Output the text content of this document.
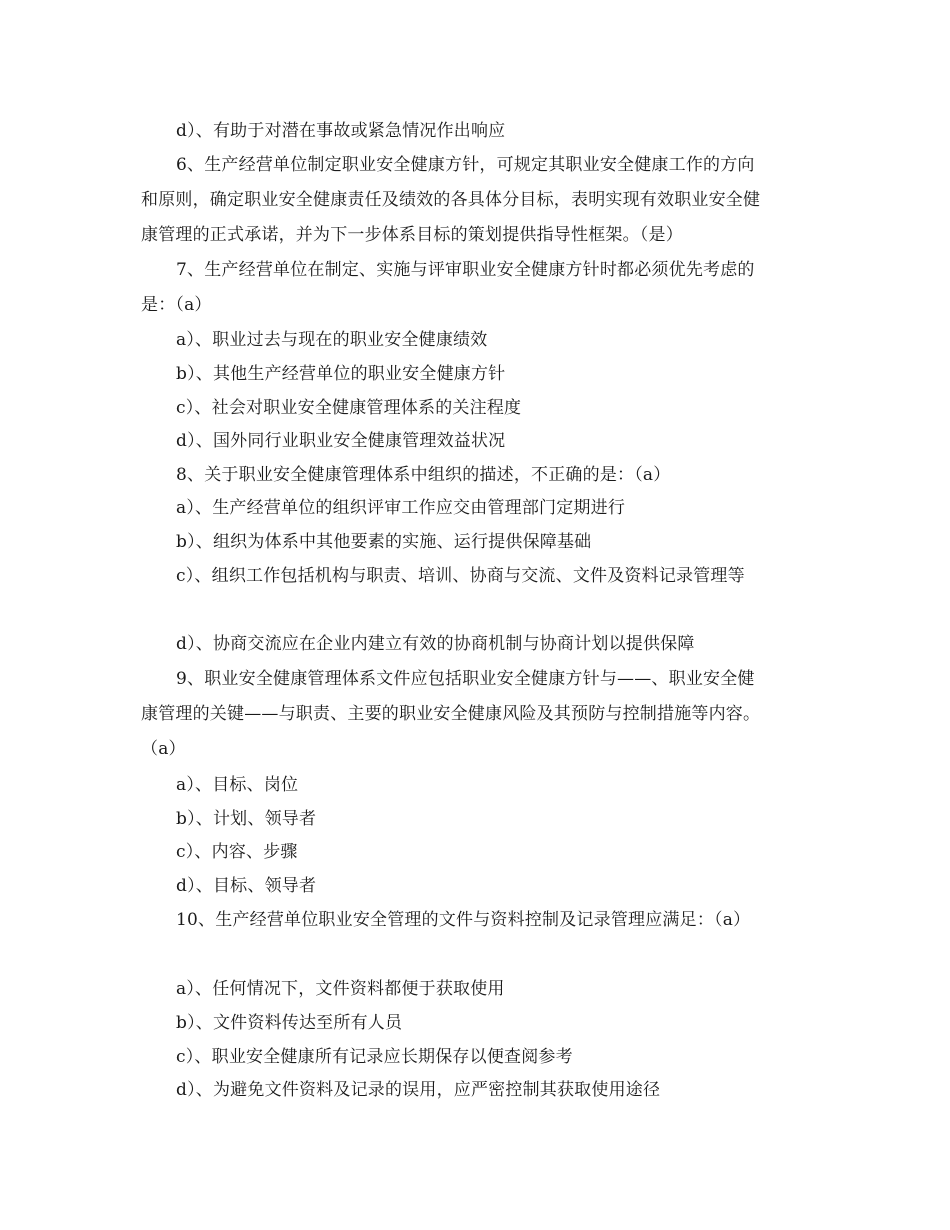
d）、有助于对潜在事故或紧急情况作出响应
6、生产经营单位制定职业安全健康方针，可规定其职业安全健康工作的方向
和原则，确定职业安全健康责任及绩效的各具体分目标，表明实现有效职业安全健
康管理的正式承诺，并为下一步体系目标的策划提供指导性框架。（是）
7、生产经营单位在制定、实施与评审职业安全健康方针时都必须优先考虑的
是：（a）
a）、职业过去与现在的职业安全健康绩效
b）、其他生产经营单位的职业安全健康方针
c）、社会对职业安全健康管理体系的关注程度
d）、国外同行业职业安全健康管理效益状况
8、关于职业安全健康管理体系中组织的描述，不正确的是：（a）
a）、生产经营单位的组织评审工作应交由管理部门定期进行
b）、组织为体系中其他要素的实施、运行提供保障基础
c）、组织工作包括机构与职责、培训、协商与交流、文件及资料记录管理等
d）、协商交流应在企业内建立有效的协商机制与协商计划以提供保障
9、职业安全健康管理体系文件应包括职业安全健康方针与——、职业安全健
康管理的关键——与职责、主要的职业安全健康风险及其预防与控制措施等内容。
（a）
a）、目标、岗位
b）、计划、领导者
c）、内容、步骤
d）、目标、领导者
10、生产经营单位职业安全管理的文件与资料控制及记录管理应满足：（a）
a）、任何情况下，文件资料都便于获取使用
b）、文件资料传达至所有人员
c）、职业安全健康所有记录应长期保存以便查阅参考
d）、为避免文件资料及记录的误用，应严密控制其获取使用途径
